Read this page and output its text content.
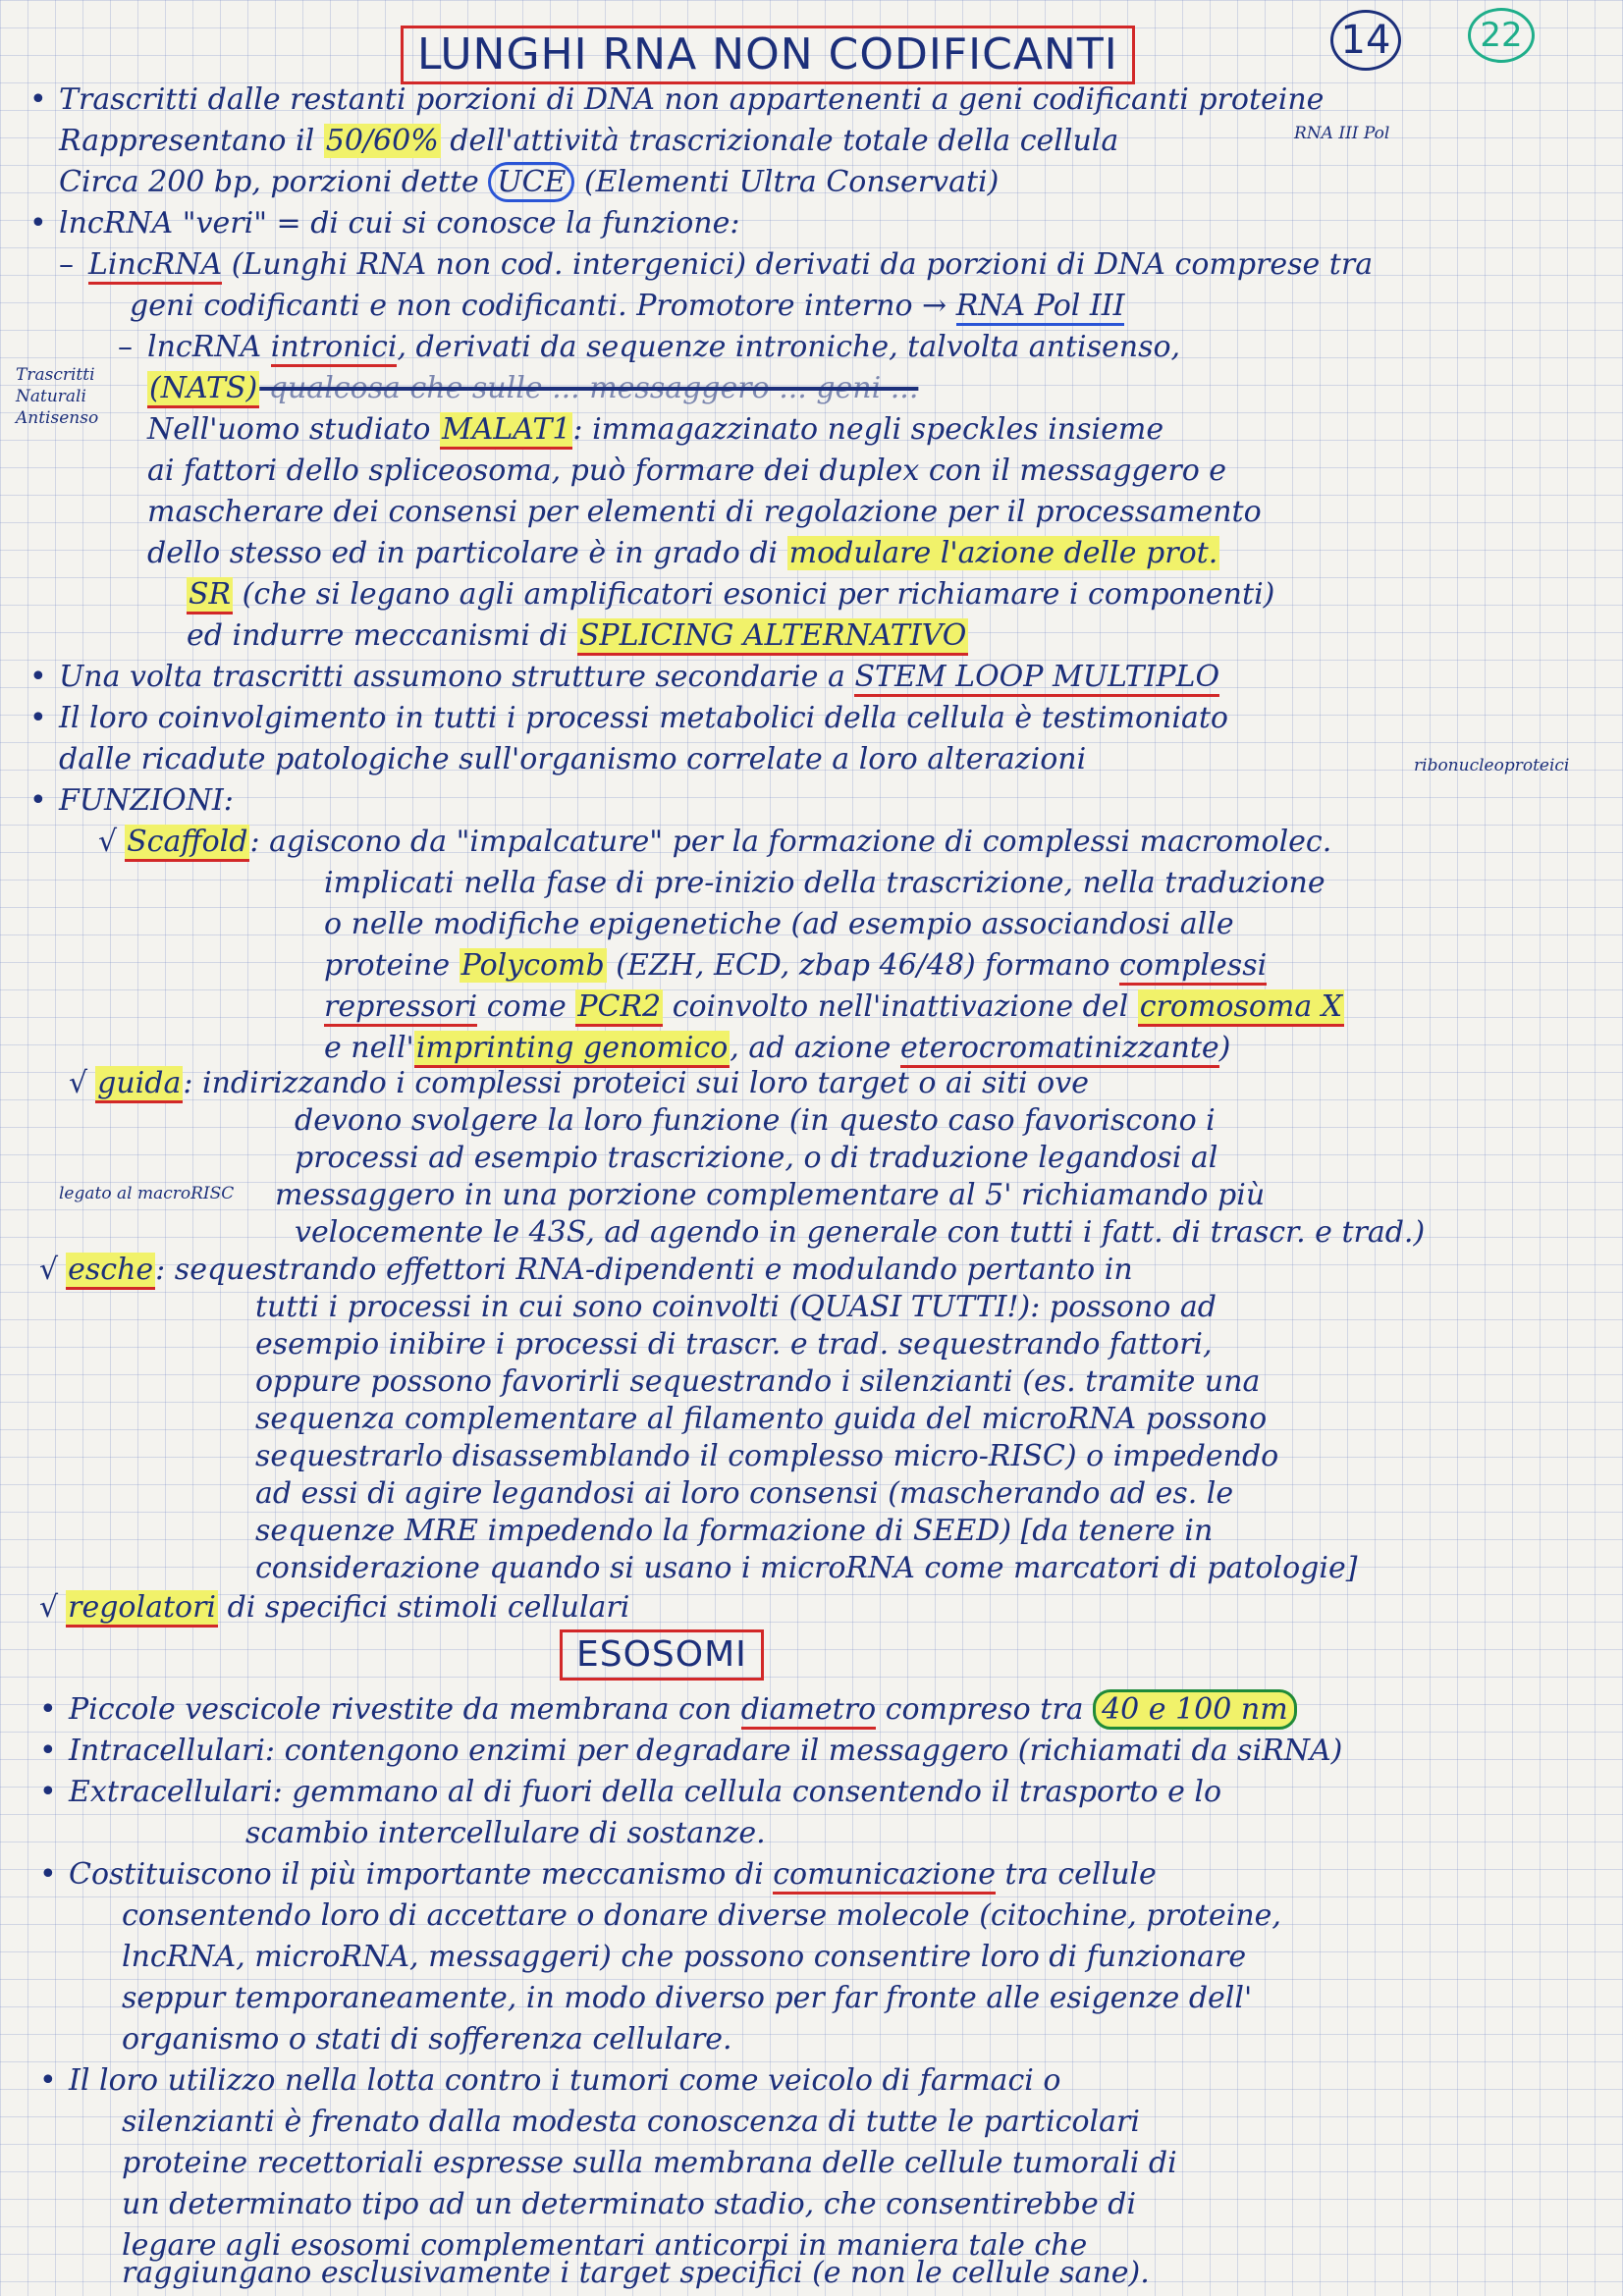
14	22
LUNGHI RNA NON CODIFICANTI
RNA III Pol
Trascritti
Naturali
Antisenso
ribonucleoproteici
legato al macroRISC
• Trascritti dalle restanti porzioni di DNA non appartenenti a geni codificanti proteine
Rappresentano il 50/60% dell'attività trascrizionale totale della cellula
Circa 200 bp, porzioni dette UCE (Elementi Ultra Conservati)
• lncRNA "veri" = di cui si conosce la funzione:
– LincRNA (Lunghi RNA non cod. intergenici) derivati da porzioni di DNA comprese tra
geni codificanti e non codificanti. Promotore interno → RNA Pol III
– lncRNA intronici, derivati da sequenze introniche, talvolta antisenso,
(NATS) qualcosa che sulle ... messaggero ... geni ...
Nell'uomo studiato MALAT1: immagazzinato negli speckles insieme
ai fattori dello spliceosoma, può formare dei duplex con il messaggero e
mascherare dei consensi per elementi di regolazione per il processamento
dello stesso ed in particolare è in grado di modulare l'azione delle prot.
SR (che si legano agli amplificatori esonici per richiamare i componenti)
ed indurre meccanismi di SPLICING ALTERNATIVO
• Una volta trascritti assumono strutture secondarie a STEM LOOP MULTIPLO
• Il loro coinvolgimento in tutti i processi metabolici della cellula è testimoniato
dalle ricadute patologiche sull'organismo correlate a loro alterazioni
• FUNZIONI:
√ Scaffold: agiscono da "impalcature" per la formazione di complessi macromolec.
implicati nella fase di pre-inizio della trascrizione, nella traduzione
o nelle modifiche epigenetiche (ad esempio associandosi alle
proteine Polycomb (EZH, ECD, zbap 46/48) formano complessi
repressori come PCR2 coinvolto nell'inattivazione del cromosoma X
e nell'imprinting genomico, ad azione eterocromatinizzante)
√ guida: indirizzando i complessi proteici sui loro target o ai siti ove
devono svolgere la loro funzione (in questo caso favoriscono i
processi ad esempio trascrizione, o di traduzione legandosi al
messaggero in una porzione complementare al 5' richiamando più
velocemente le 43S, ad agendo in generale con tutti i fatt. di trascr. e trad.)
√ esche: sequestrando effettori RNA-dipendenti e modulando pertanto in
tutti i processi in cui sono coinvolti (QUASI TUTTI!): possono ad
esempio inibire i processi di trascr. e trad. sequestrando fattori,
oppure possono favorirli sequestrando i silenzianti (es. tramite una
sequenza complementare al filamento guida del microRNA possono
sequestrarlo disassemblando il complesso micro-RISC) o impedendo
ad essi di agire legandosi ai loro consensi (mascherando ad es. le
sequenze MRE impedendo la formazione di SEED) [da tenere in
considerazione quando si usano i microRNA come marcatori di patologie]
ESOSOMI
• Piccole vescicole rivestite da membrana con diametro compreso tra 40 e 100 nm
• Intracellulari: contengono enzimi per degradare il messaggero (richiamati da siRNA)
• Extracellulari: gemmano al di fuori della cellula consentendo il trasporto e lo
scambio intercellulare di sostanze.
• Costituiscono il più importante meccanismo di comunicazione tra cellule
consentendo loro di accettare o donare diverse molecole (citochine, proteine,
lncRNA, microRNA, messaggeri) che possono consentire loro di funzionare
seppur temporaneamente, in modo diverso per far fronte alle esigenze dell'
organismo o stati di sofferenza cellulare.
• Il loro utilizzo nella lotta contro i tumori come veicolo di farmaci o
silenzianti è frenato dalla modesta conoscenza di tutte le particolari
proteine recettoriali espresse sulla membrana delle cellule tumorali di
un determinato tipo ad un determinato stadio, che consentirebbe di
legare agli esosomi complementari anticorpi in maniera tale che
raggiungano esclusivamente i target specifici (e non le cellule sane).
√ regolatori di specifici stimoli cellulari
